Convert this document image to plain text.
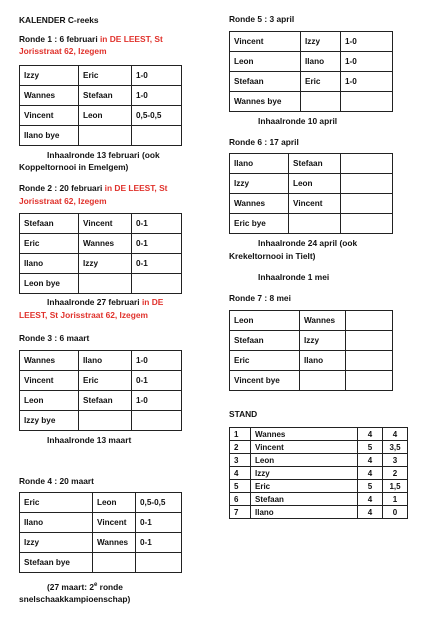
KALENDER C-reeks
Ronde 1 : 6 februari in DE LEEST, St
Jorisstraat 62, Izegem
Izzy	Eric	1-0
Wannes	Stefaan	1-0
Vincent	Leon	0,5-0,5
Ilano bye		
Inhaalronde 13 februari (ook
Koppeltornooi in Emelgem)
Ronde 2 : 20 februari in DE LEEST, St
Jorisstraat 62, Izegem
Stefaan	Vincent	0-1
Eric	Wannes	0-1
Ilano	Izzy	0-1
Leon bye		
Inhaalronde 27 februari in DE
LEEST, St Jorisstraat 62, Izegem
Ronde 3 : 6 maart
Wannes	Ilano	1-0
Vincent	Eric	0-1
Leon	Stefaan	1-0
Izzy bye		
Inhaalronde 13 maart
Ronde 4 : 20 maart
Eric	Leon	0,5-0,5
Ilano	Vincent	0-1
Izzy	Wannes	0-1
Stefaan bye		
(27 maart: 2e ronde
snelschaakkampioenschap)
Ronde 5 : 3 april
Vincent	Izzy	1-0
Leon	Ilano	1-0
Stefaan	Eric	1-0
Wannes bye		
Inhaalronde 10 april
Ronde 6 : 17 april
Ilano	Stefaan	
Izzy	Leon	
Wannes	Vincent	
Eric bye		
Inhaalronde 24 april (ook
Krekeltornooi in Tielt)
Inhaalronde 1 mei
Ronde 7 : 8 mei
Leon	Wannes	
Stefaan	Izzy	
Eric	Ilano	
Vincent bye		
STAND
1	Wannes	4	4
2	Vincent	5	3,5
3	Leon	4	3
4	Izzy	4	2
5	Eric	5	1,5
6	Stefaan	4	1
7	Ilano	4	0
